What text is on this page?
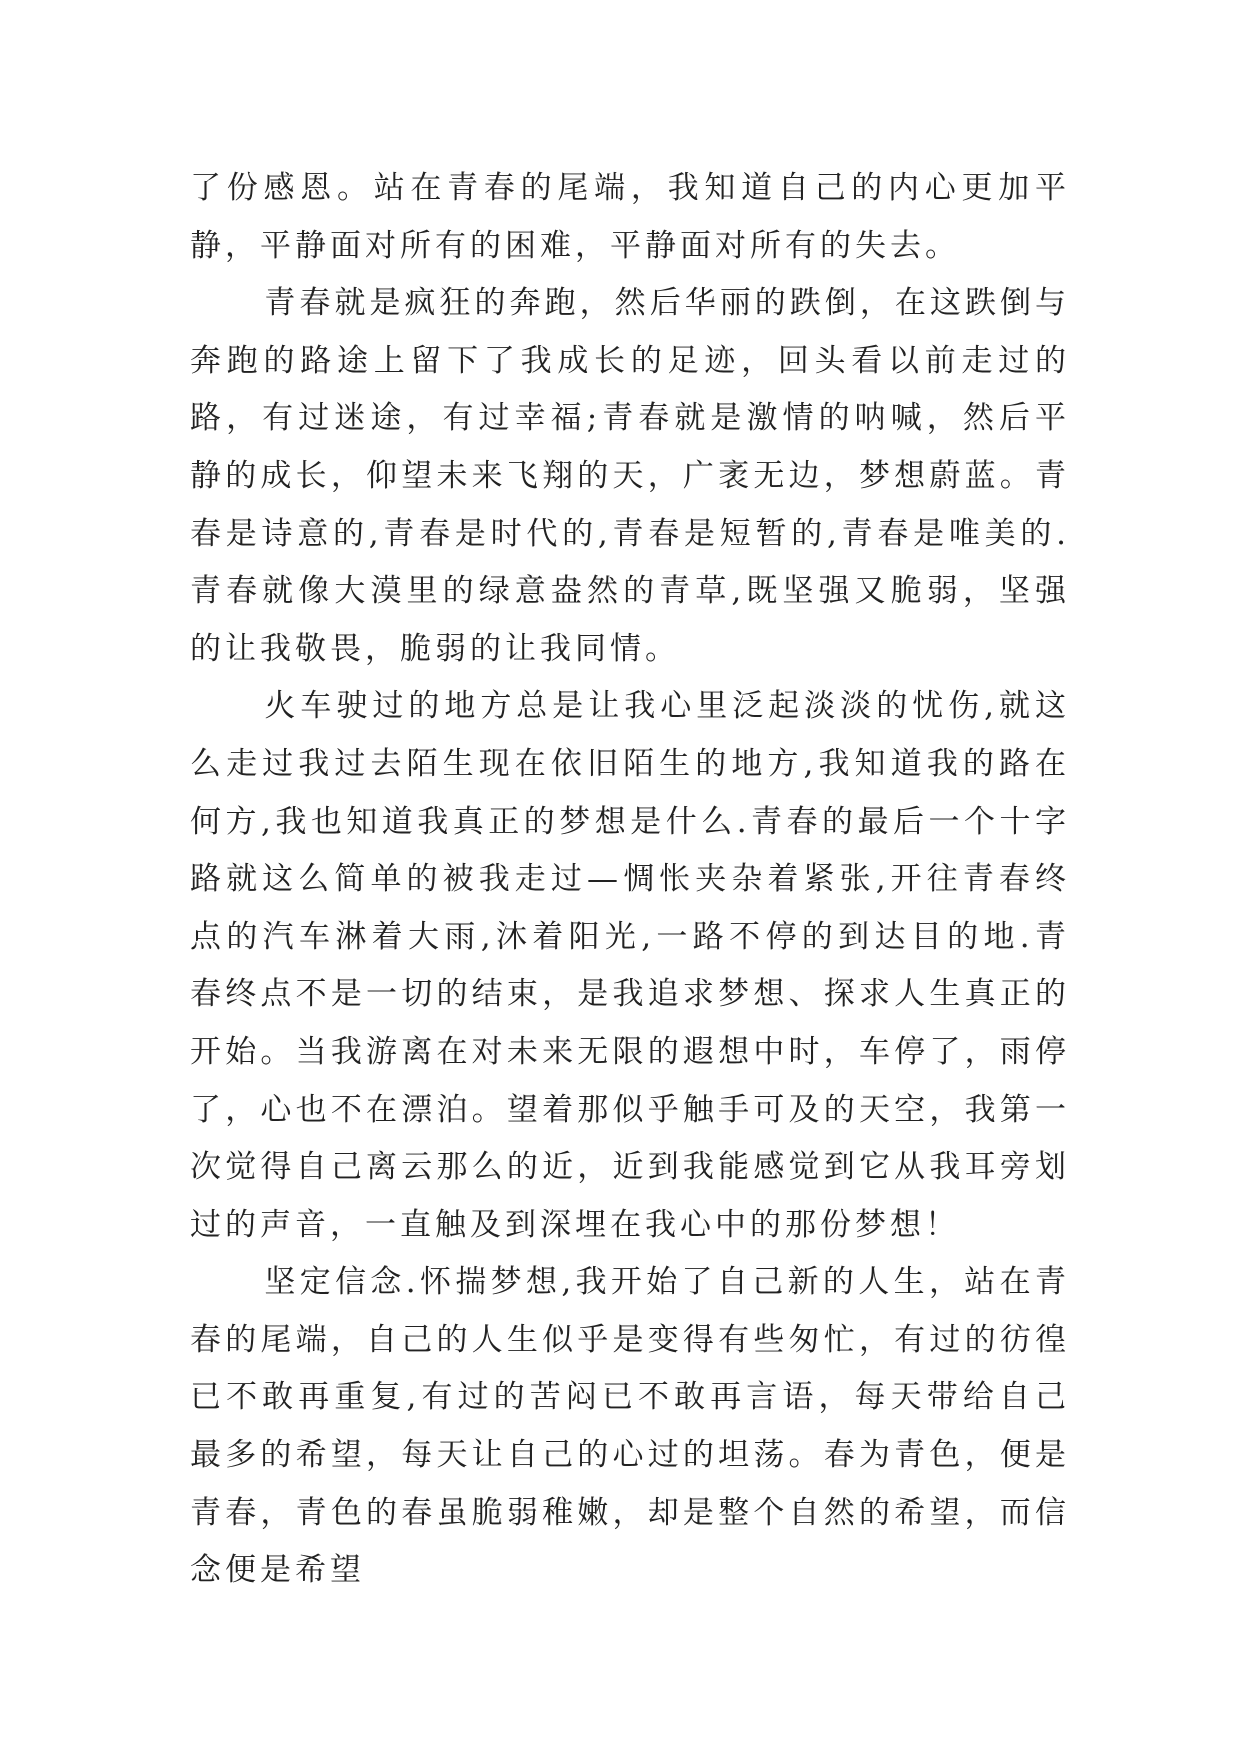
了份感恩。站在青春的尾端，我知道自己的内心更加平静，平静面对所有的困难，平静面对所有的失去。

青春就是疯狂的奔跑，然后华丽的跌倒，在这跌倒与奔跑的路途上留下了我成长的足迹，回头看以前走过的路，有过迷途，有过幸福;青春就是激情的呐喊，然后平静的成长，仰望未来飞翔的天，广袤无边，梦想蔚蓝。青春是诗意的,青春是时代的,青春是短暂的,青春是唯美的.青春就像大漠里的绿意盎然的青草,既坚强又脆弱，坚强的让我敬畏，脆弱的让我同情。

火车驶过的地方总是让我心里泛起淡淡的忧伤,就这么走过我过去陌生现在依旧陌生的地方,我知道我的路在何方,我也知道我真正的梦想是什么.青春的最后一个十字路就这么简单的被我走过—惆怅夹杂着紧张,开往青春终点的汽车淋着大雨,沐着阳光,一路不停的到达目的地.青春终点不是一切的结束，是我追求梦想、探求人生真正的开始。当我游离在对未来无限的遐想中时，车停了，雨停了，心也不在漂泊。望着那似乎触手可及的天空，我第一次觉得自己离云那么的近，近到我能感觉到它从我耳旁划过的声音，一直触及到深埋在我心中的那份梦想！

坚定信念.怀揣梦想,我开始了自己新的人生，站在青春的尾端，自己的人生似乎是变得有些匆忙，有过的彷徨已不敢再重复,有过的苦闷已不敢再言语，每天带给自己最多的希望，每天让自己的心过的坦荡。春为青色，便是青春，青色的春虽脆弱稚嫩，却是整个自然的希望，而信念便是希望
